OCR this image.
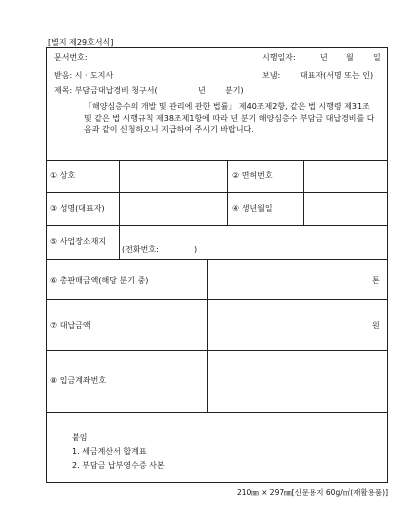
[별지 제29호서식]
문서번호:	시행일자:	년 월 일
받음: 시 · 도지사	보냄: 대표자(서명 또는 인)
제목: 부담금대납경비 청구서(	년 분기)
「해양심층수의 개발 및 관리에 관한 법률」 제40조제2항, 같은 법 시행령 제31조 및 같은 법 시행규칙 제38조제1항에 따라 년 분기 해양심층수 부담금 대납경비를 다음과 같이 신청하오니 지급하여 주시기 바랍니다.
① 상호	② 면허번호
③ 성명(대표자)	④ 생년월일
⑤ 사업장소재지
(전화번호:	)
⑥ 총판매금액(해당 분기 중)	톤
⑦ 대납금액	원
⑧ 입금계좌번호
붙임
1. 세금계산서 합계표
2. 부담금 납부영수증 사본
210㎜ × 297㎜[신문용지 60g/㎡(재활용품)]
